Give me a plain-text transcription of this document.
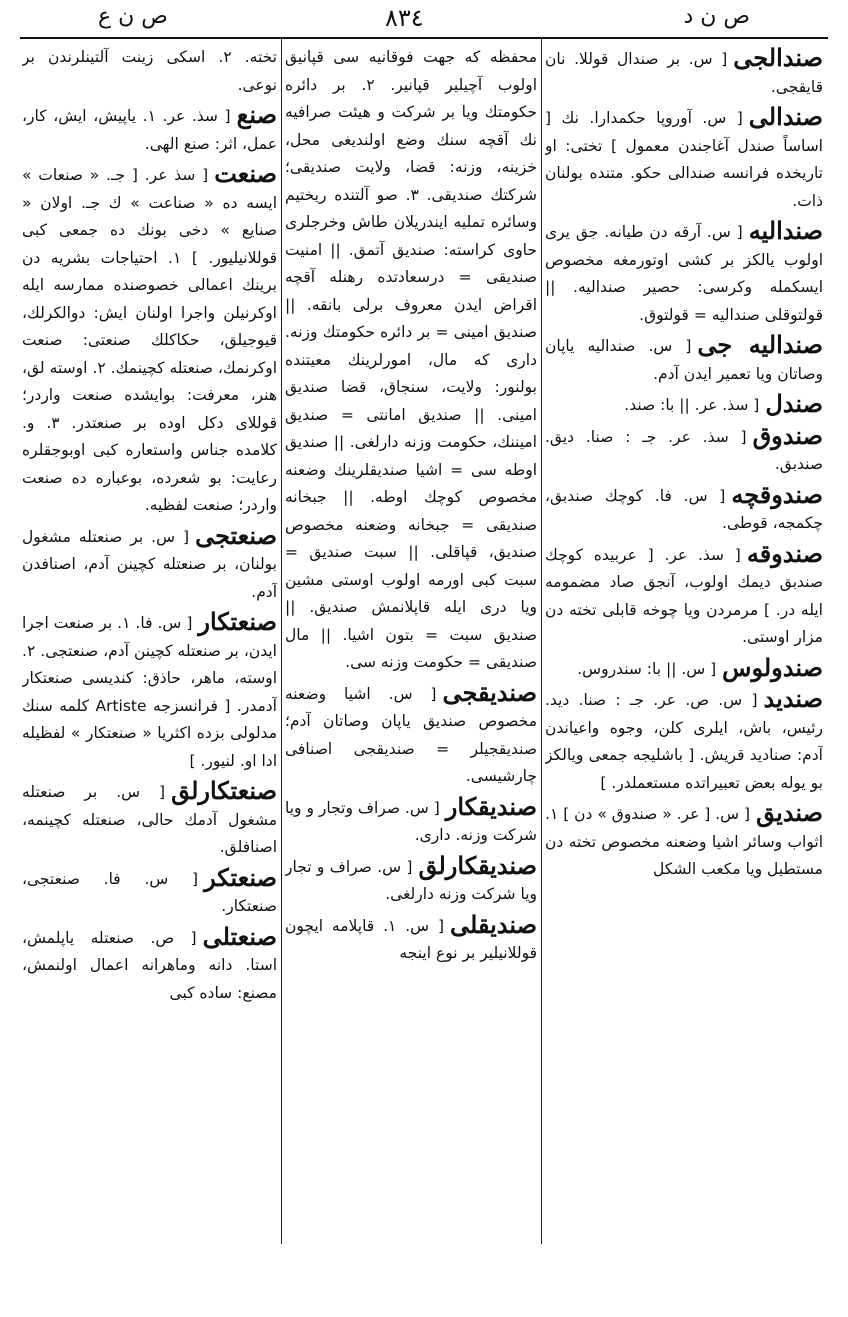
ص ن د
٨٣٤
ص ن ع
صندالجى[ س. بر صندال قوللا. نان قايقجى.
صندالى[ س. آوروپا حكمدارا. نك [ اساساً صندل آغاجندن معمول ] تختى: او تاريخده فرانسه صندالى حكو. متنده بولنان ذات.
صنداليه[ س. آرقه دن طيانه. جق يرى اولوب يالكز بر كشى اوتورمغه مخصوص ايسكمله وكرسى: حصير صنداليه. || قولتوقلى صنداليه = قولتوق.
صنداليه جى[ س. صنداليه ياپان وصاتان ويا تعمير ايدن آدم.
صندل[ سذ. عر. || با: صند.
صندوق[ سذ. عر. جـ : صنا. ديق. صندبق.
صندوقچه[ س. فا. كوچك صندبق، چكمجه، قوطى.
صندوقه[ سذ. عر. [ عربيده كوچك صندبق ديمك اولوب، آنجق صاد مضمومه ايله در. ] مرمردن ويا چوخه قابلى تخته دن مزار اوستى.
صندولوس[ س. || با: سندروس.
صنديد[ س. ص. عر. جـ : صنا. ديد. رئيس، باش، ايلرى كلن، وجوه واعياندن آدم: صناديد قريش. [ باشليجه جمعى ويالكز بو يوله بعض تعبيراتده مستعملدر. ]
صنديق[ س. [ عر. « صندوق » دن ] ١. اثواب وسائر اشيا وضعنه مخصوص تخته دن مستطيل ويا مكعب الشكل
محفظه كه جهت فوقانيه سى قپانيق اولوب آچيلير قپانير. ٢. بر دائره حكومتك ويا بر شركت و هيئت صرافيه نك آقچه سنك وضع اولنديغى محل، خزينه، وزنه: قضا، ولايت صنديقى؛ شركتك صنديقى. ٣. صو آلتنده ريختيم وسائره تمليه ايندريلان طاش وخرجلرى حاوى كراسته: صنديق آتمق. || امنيت صنديقى = درسعادتده رهنله آقچه اقراض ايدن معروف برلى بانقه. || صنديق امينى = بر دائره حكومتك وزنه. دارى كه مال، امورلرينك معيتنده بولنور: ولايت، سنجاق، قضا صنديق امينى. || صنديق امانتى = صنديق اميننك، حكومت وزنه دارلغى. || صنديق اوطه سى = اشيا صنديقلرينك وضعنه مخصوص كوچك اوطه. || جبخانه صنديقى = جبخانه وضعنه مخصوص صنديق، قپاقلى. || سبت صنديق = سبت كبى اورمه اولوب اوستى مشين ويا درى ايله قاپلانمش صنديق. || صنديق سبت = بتون اشيا. || مال صنديقى = حكومت وزنه سى.
صنديقجى[ س. اشيا وضعنه مخصوص صنديق ياپان وصاتان آدم؛ صنديقجيلر = صنديقجى اصنافى چارشيسى.
صنديقكار[ س. صراف وتجار و ويا شركت وزنه. دارى.
صنديقكارلق[ س. صراف و تجار ويا شركت وزنه دارلغى.
صنديقلى[ س. ١. قاپلامه ايچون قوللانيلير بر نوع اينجه
تخته. ٢. اسكى زينت آلتينلرندن بر نوعى.
صنع[ سذ. عر. ١. ياپيش، ايش، كار، عمل، اثر: صنع الهى.
صنعت[ سذ عر. [ جـ. « صنعات » ايسه ده « صناعت » ك جـ. اولان « صنايع » دخى بونك ده جمعى كبى قوللانيليور. ] ١. احتياجات بشريه دن برينك اعمالى خصوصنده ممارسه ايله اوكرنيلن واجرا اولنان ايش: دوالكرلك، قيوجيلق، حكاكلك صنعتى: صنعت اوكرنمك، صنعتله كچينمك. ٢. اوسته لق، هنر، معرفت: بوايشده صنعت واردر؛ قوللاى دكل اوده بر صنعتدر. ٣. و. كلامده جناس واستعاره كبى اوبوجقلره رعايت: بو شعرده، بوعباره ده صنعت واردر؛ صنعت لفظيه.
صنعتجى[ س. بر صنعتله مشغول بولنان، بر صنعتله كچينن آدم، اصنافدن آدم.
صنعتكار[ س. فا. ١. بر صنعت اجرا ايدن، بر صنعتله كچينن آدم، صنعتجى. ٢. اوسته، ماهر، حاذق: كنديسى صنعتكار آدمدر. [ فرانسزجه Artiste كلمه سنك مدلولى بزده اكثريا « صنعتكار » لفظيله ادا او. لنيور. ]
صنعتكارلق[ س. بر صنعتله مشغول آدمك حالى، صنعتله كچينمه، اصنافلق.
صنعتكر[ س. فا. صنعتجى، صنعتكار.
صنعتلى[ ص. صنعتله ياپلمش، استا. دانه وماهرانه اعمال اولنمش، مصنع: ساده كبى
